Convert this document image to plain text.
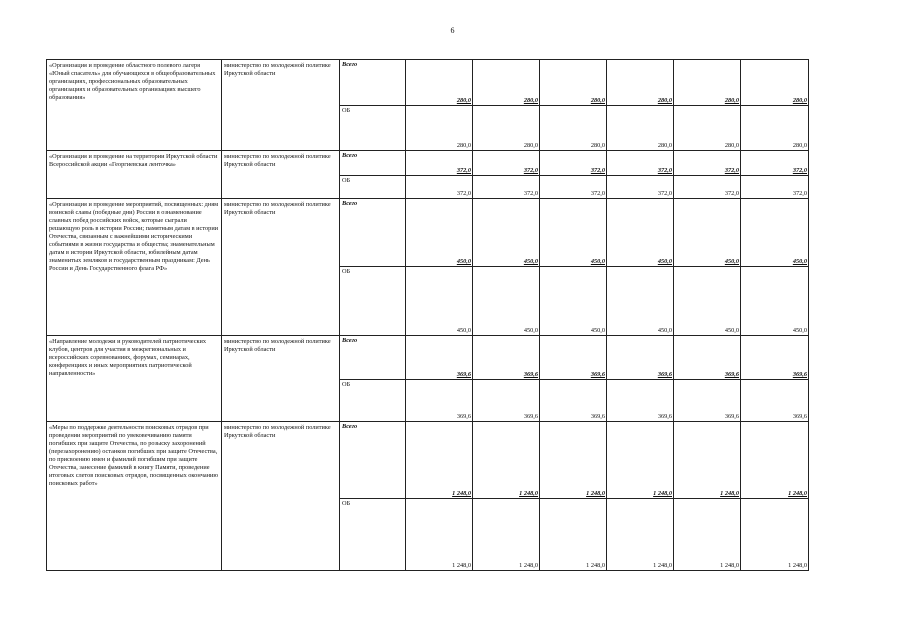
6
«Организация и проведение областного полевого лагеря «Юный спасатель» для обучающихся в общеобразовательных организациях, профессиональных образовательных организациях и образовательных организациях высшего образования»	министерство по молодежной политике Иркутской области	Всего	280,0	280,0	280,0	280,0	280,0	280,0
		ОБ	280,0	280,0	280,0	280,0	280,0	280,0
«Организация и проведение на территории Иркутской области Всероссийской акции «Георгиевская ленточка»	министерство по молодежной политике Иркутской области	Всего	372,0	372,0	372,0	372,0	372,0	372,0
		ОБ	372,0	372,0	372,0	372,0	372,0	372,0
«Организация и проведение мероприятий, посвященных: дням воинской славы (победные дни) России в ознаменование славных побед российских войск, которые сыграли решающую роль в истории России; памятным датам в истории Отечества, связанным с важнейшими историческими событиями в жизни государства и общества; знаменательным датам в истории Иркутской области, юбилейным датам знаменитых земляков и государственным праздникам: День России и День Государственного флага РФ»	министерство по молодежной политике Иркутской области	Всего	450,0	450,0	450,0	450,0	450,0	450,0
		ОБ	450,0	450,0	450,0	450,0	450,0	450,0
«Направление молодежи и руководителей патриотических клубов, центров для участия в межрегиональных и всероссийских соревнованиях, форумах, семинарах, конференциях и иных мероприятиях патриотической направленности»	министерство по молодежной политике Иркутской области	Всего	369,6	369,6	369,6	369,6	369,6	369,6
		ОБ	369,6	369,6	369,6	369,6	369,6	369,6
«Меры по поддержке деятельности поисковых отрядов при проведении мероприятий по увековечиванию памяти погибших при защите Отечества, по розыску захоронений (перезахоронению) останков погибших при защите Отечества, по присвоению имен и фамилий погибшим при защите Отечества, занесение фамилий в книгу Памяти, проведение итоговых слетов поисковых отрядов, посвященных окончанию поисковых работ»	министерство по молодежной политике Иркутской области	Всего	1 248,0	1 248,0	1 248,0	1 248,0	1 248,0	1 248,0
		ОБ	1 248,0	1 248,0	1 248,0	1 248,0	1 248,0	1 248,0
